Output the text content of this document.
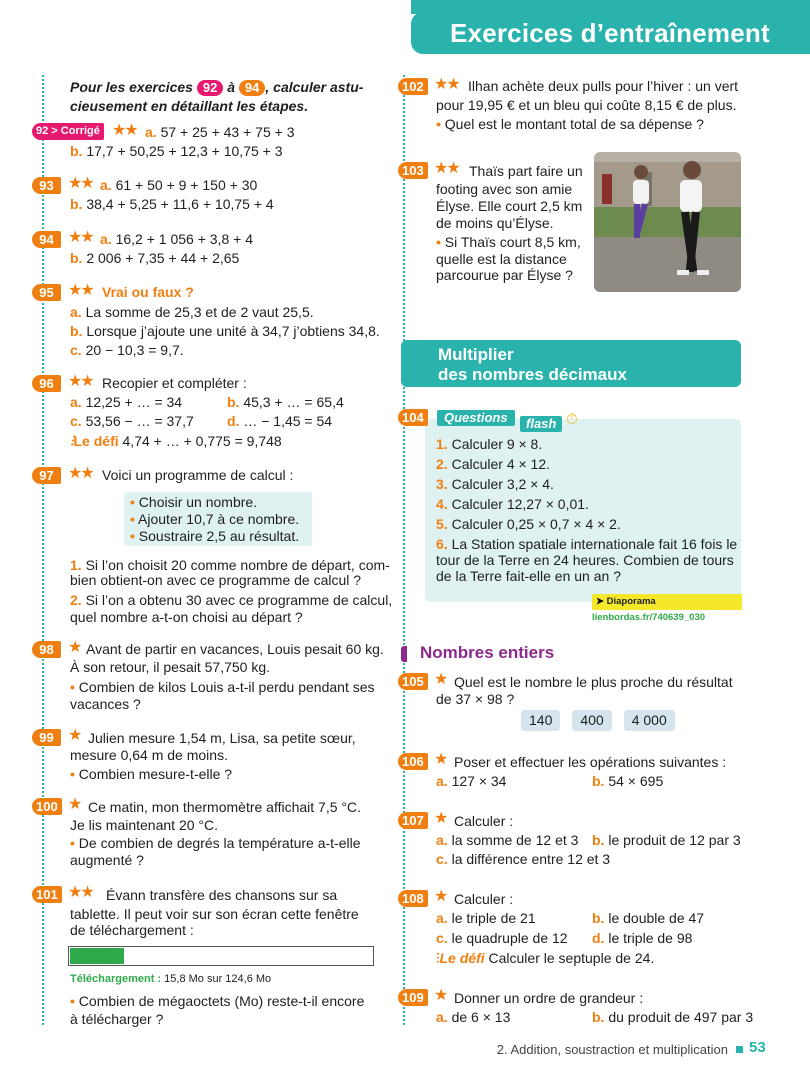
Exercices d’entraînement
Pour les exercices 92 à 94 , calculer astu-
cieusement en détaillant les étapes.
92 > Corrigé ★★ a. 57 + 25 + 43 + 75 + 3
b. 17,7 + 50,25 + 12,3 + 10,75 + 3
93 ★★ a. 61 + 50 + 9 + 150 + 30
b. 38,4 + 5,25 + 11,6 + 10,75 + 4
94 ★★ a. 16,2 + 1 056 + 3,8 + 4
b. 2 006 + 7,35 + 44 + 2,65
95 ★★ Vrai ou faux ?
a. La somme de 25,3 et de 2 vaut 25,5.
b. Lorsque j’ajoute une unité à 34,7 j’obtiens 34,8.
c. 20 − 10,3 = 9,7.
96 ★★ Recopier et compléter :
a. 12,25 + … = 34	b. 45,3 + … = 65,4
c. 53,56 − … = 37,7 d. … − 1,45 = 54
⫶Le défi 4,74 + … + 0,775 = 9,748
97 ★★ Voici un programme de calcul :
• Choisir un nombre.
• Ajouter 10,7 à ce nombre.
• Soustraire 2,5 au résultat.
1. Si l’on choisit 20 comme nombre de départ, com-
bien obtient-on avec ce programme de calcul ?
2. Si l’on a obtenu 30 avec ce programme de calcul,
quel nombre a-t-on choisi au départ ?
98 ★ Avant de partir en vacances, Louis pesait 60 kg.
À son retour, il pesait 57,750 kg.
• Combien de kilos Louis a-t-il perdu pendant ses
vacances ?
99 ★ Julien mesure 1,54 m, Lisa, sa petite sœur,
mesure 0,64 m de moins.
• Combien mesure-t-elle ?
100 ★ Ce matin, mon thermomètre affichait 7,5 °C.
Je lis maintenant 20 °C.
• De combien de degrés la température a-t-elle
augmenté ?
101 ★★ Évann transfère des chansons sur sa
tablette. Il peut voir sur son écran cette fenêtre
de téléchargement :
Téléchargement : 15,8 Mo sur 124,6 Mo
• Combien de mégaoctets (Mo) reste-t-il encore
à télécharger ?
102 ★★ Ilhan achète deux pulls pour l’hiver : un vert
pour 19,95 € et un bleu qui coûte 8,15 € de plus.
• Quel est le montant total de sa dépense ?
103 ★★ Thaïs part faire un
footing avec son amie
Élyse. Elle court 2,5 km
de moins qu’Élyse.
• Si Thaïs court 8,5 km,
quelle est la distance
parcourue par Élyse ?
Multiplier
des nombres décimaux
104	Questions	flash ⏱
1. Calculer 9 × 8.
2. Calculer 4 × 12.
3. Calculer 3,2 × 4.
4. Calculer 12,27 × 0,01.
5. Calculer 0,25 × 0,7 × 4 × 2.
6. La Station spatiale internationale fait 16 fois le
tour de la Terre en 24 heures. Combien de tours
de la Terre fait-elle en un an ?
➤ Diaporama lienbordas.fr/740639_030
Nombres entiers
105 ★ Quel est le nombre le plus proche du résultat
de 37 × 98 ?
140 400 4 000
106 ★ Poser et effectuer les opérations suivantes :
a. 127 × 34	b. 54 × 695
107 ★ Calculer :
a. la somme de 12 et 3 b. le produit de 12 par 3
c. la différence entre 12 et 3
108 ★ Calculer :
a. le triple de 21	b. le double de 47
c. le quadruple de 12 d. le triple de 98
⫶Le défi Calculer le septuple de 24.
109 ★ Donner un ordre de grandeur :
a. de 6 × 13	b. du produit de 497 par 3
2. Addition, soustraction et multiplication 53
